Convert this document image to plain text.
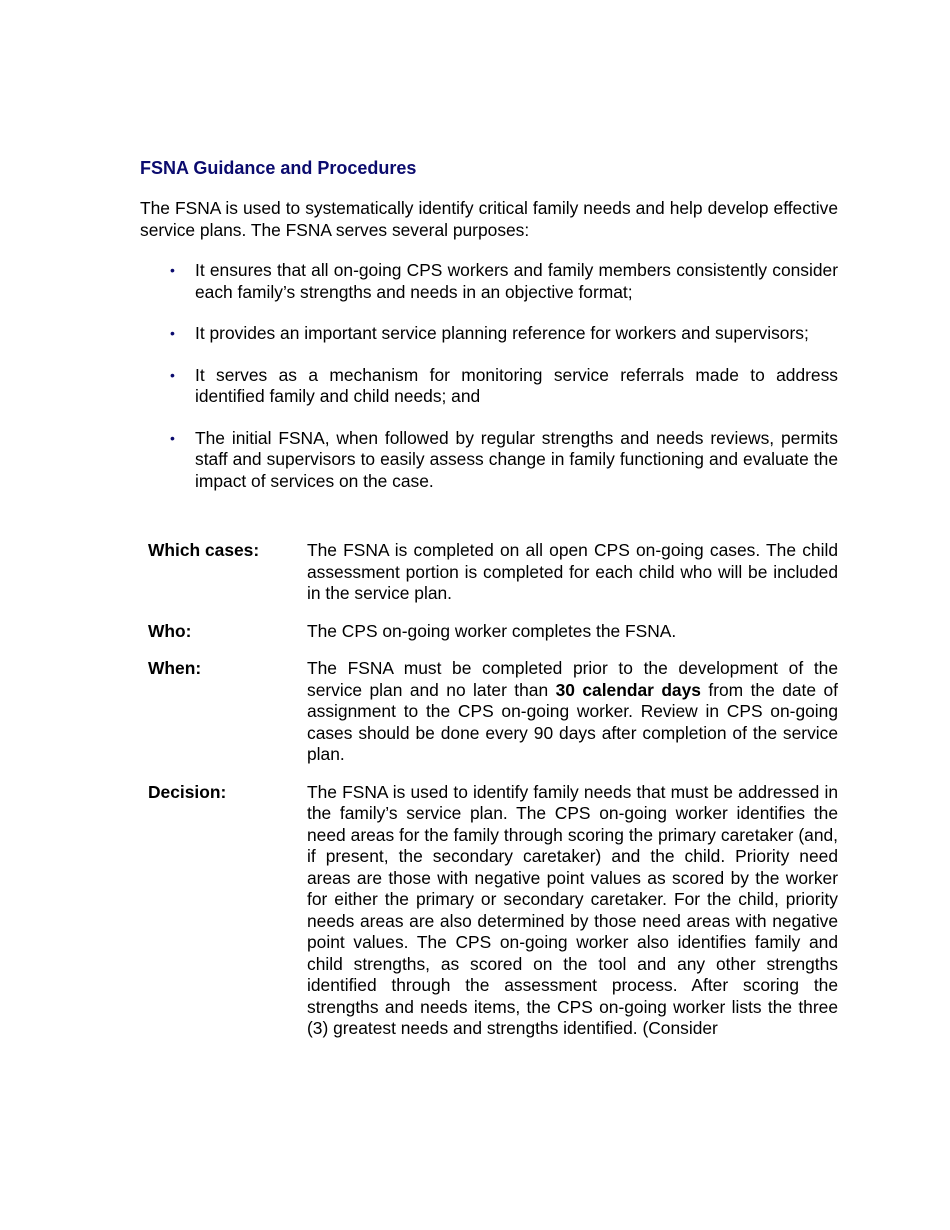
FSNA Guidance and Procedures

The FSNA is used to systematically identify critical family needs and help develop effective service plans. The FSNA serves several purposes:

• It ensures that all on-going CPS workers and family members consistently consider each family’s strengths and needs in an objective format;
• It provides an important service planning reference for workers and supervisors;
• It serves as a mechanism for monitoring service referrals made to address identified family and child needs; and
• The initial FSNA, when followed by regular strengths and needs reviews, permits staff and supervisors to easily assess change in family functioning and evaluate the impact of services on the case.
Which cases:	The FSNA is completed on all open CPS on-going cases. The child assessment portion is completed for each child who will be included in the service plan.
Who:	The CPS on-going worker completes the FSNA.
When:	The FSNA must be completed prior to the development of the service plan and no later than 30 calendar days from the date of assignment to the CPS on-going worker. Review in CPS on-going cases should be done every 90 days after completion of the service plan.
Decision:	The FSNA is used to identify family needs that must be addressed in the family’s service plan. The CPS on-going worker identifies the need areas for the family through scoring the primary caretaker (and, if present, the secondary caretaker) and the child. Priority need areas are those with negative point values as scored by the worker for either the primary or secondary caretaker. For the child, priority needs areas are also determined by those need areas with negative point values. The CPS on-going worker also identifies family and child strengths, as scored on the tool and any other strengths identified through the assessment process. After scoring the strengths and needs items, the CPS on-going worker lists the three (3) greatest needs and strengths identified. (Consider
